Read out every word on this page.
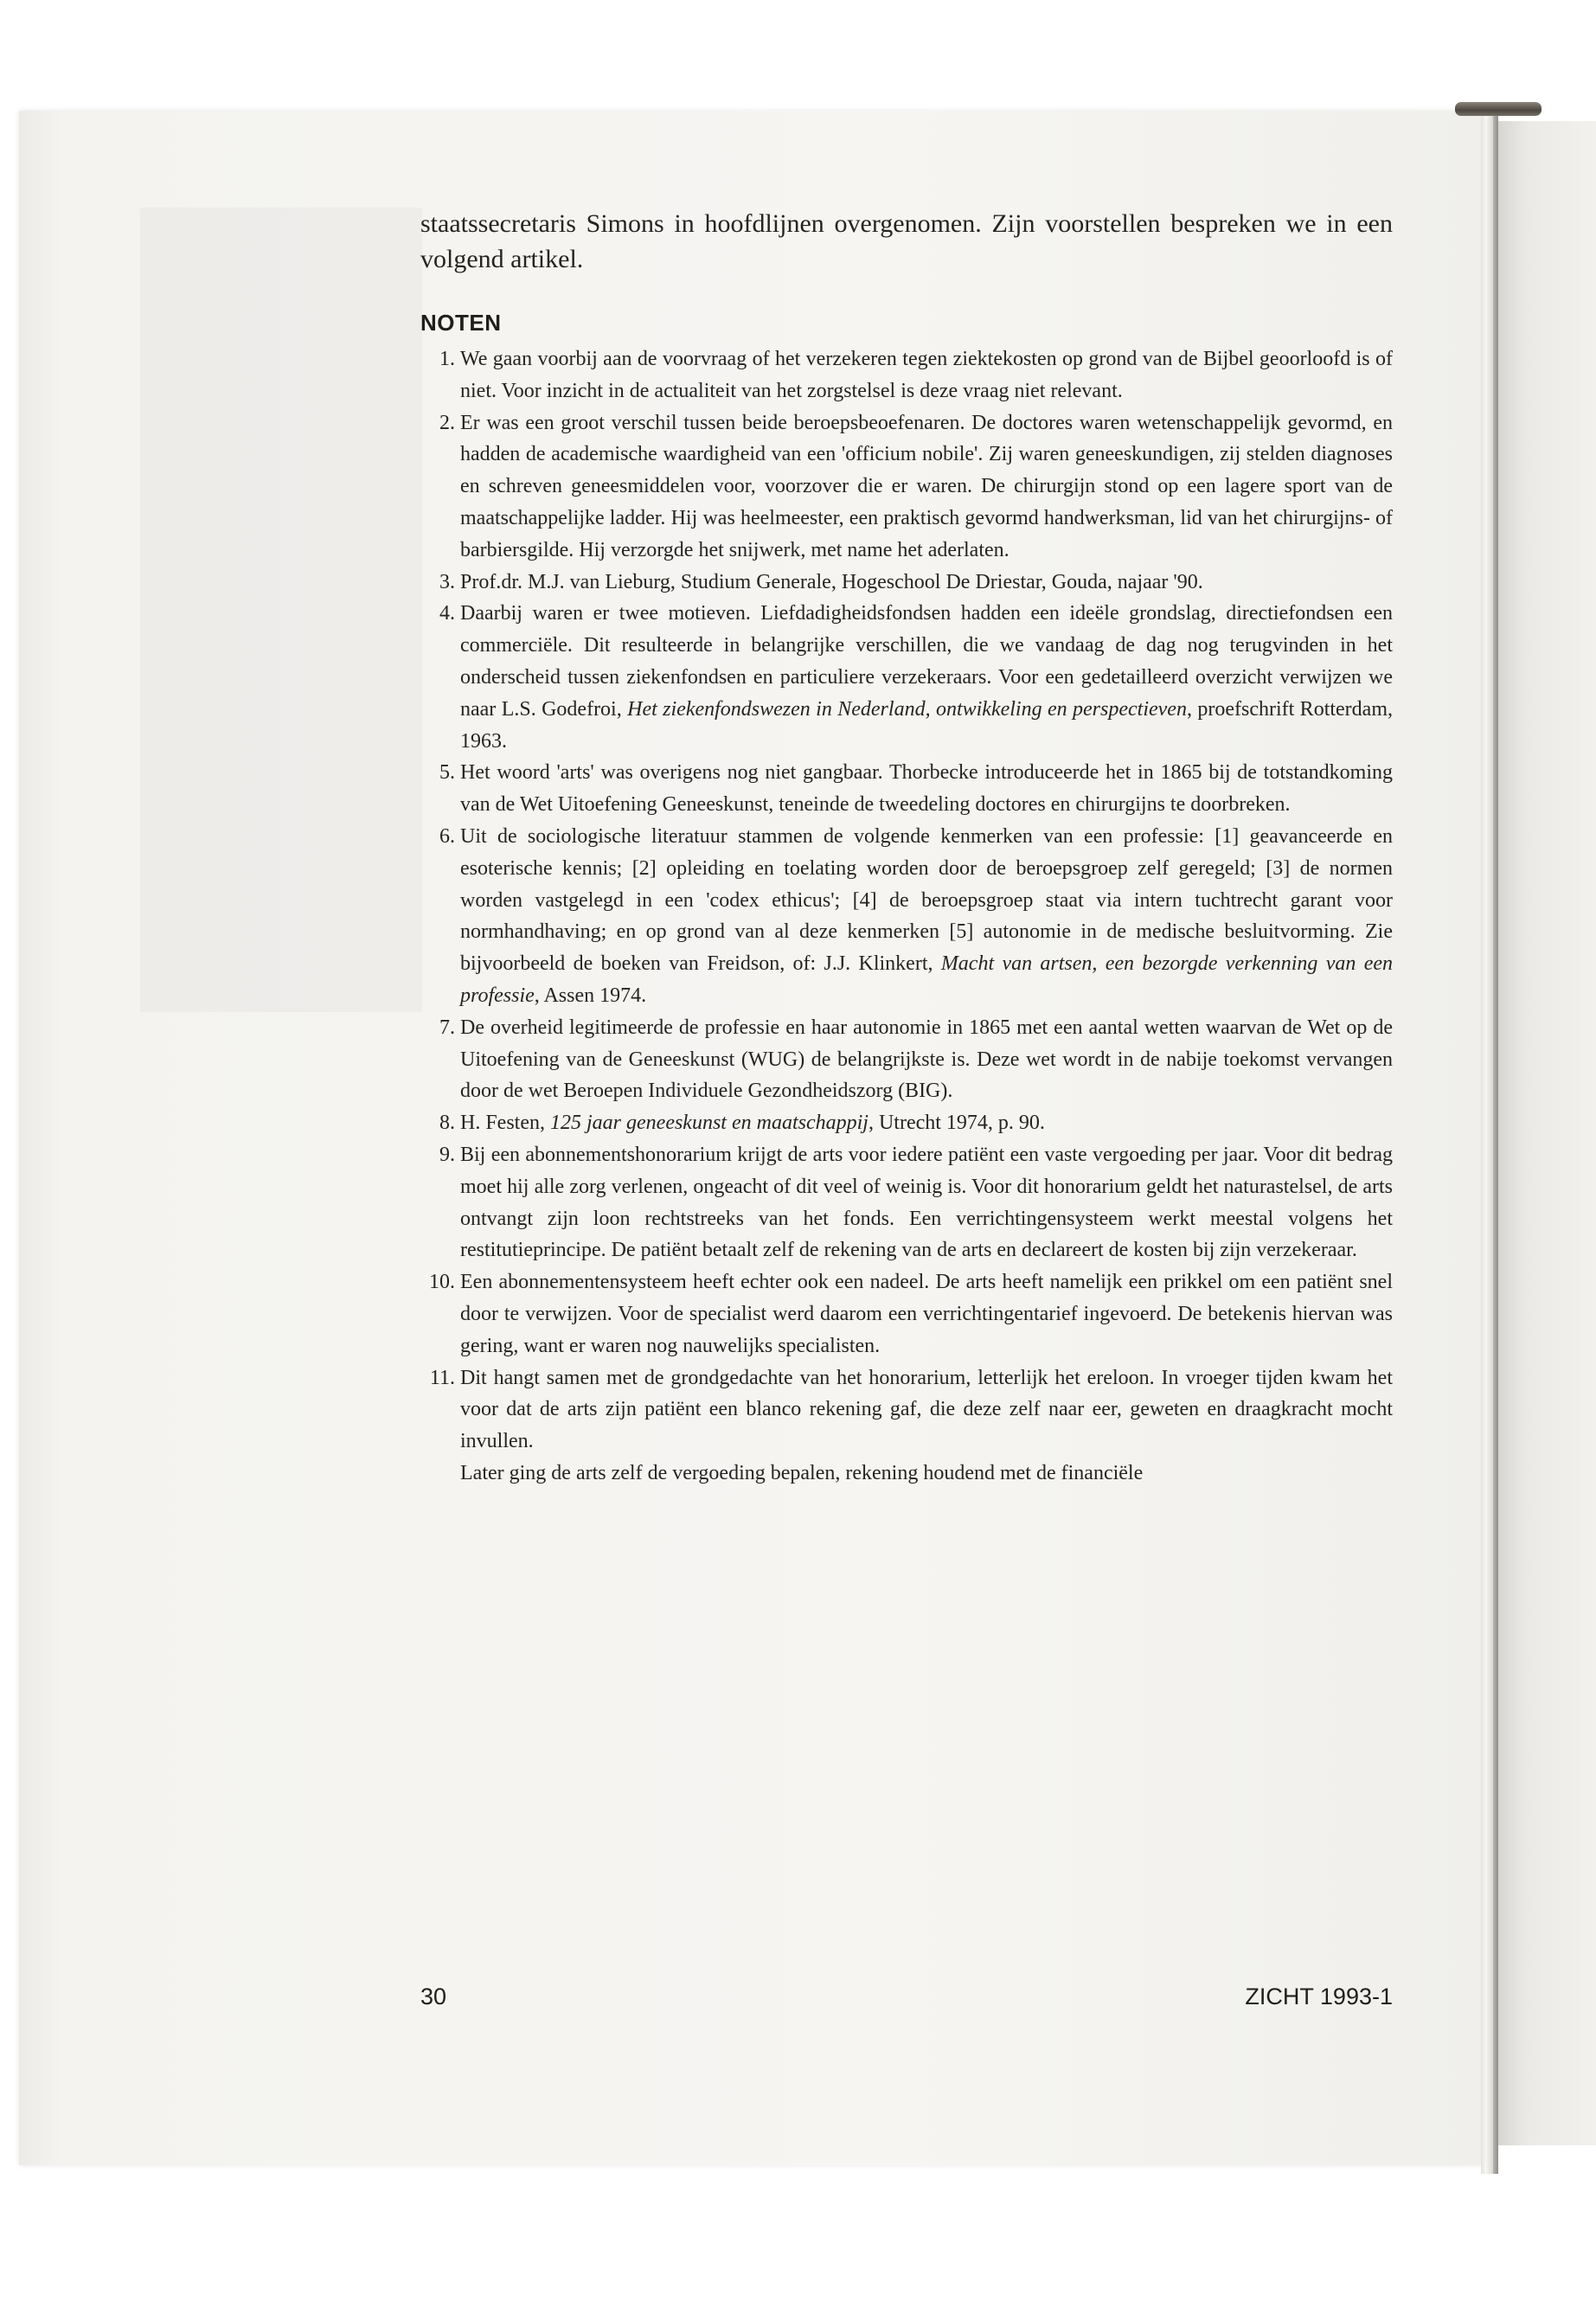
staatssecretaris Simons in hoofdlijnen overgenomen. Zijn voorstellen bespreken we in een volgend artikel.

NOTEN
1. We gaan voorbij aan de voorvraag of het verzekeren tegen ziektekosten op grond van de Bijbel geoorloofd is of niet. Voor inzicht in de actualiteit van het zorgstelsel is deze vraag niet relevant.
2. Er was een groot verschil tussen beide beroepsbeoefenaren. De doctores waren wetenschappelijk gevormd, en hadden de academische waardigheid van een 'officium nobile'. Zij waren geneeskundigen, zij stelden diagnoses en schreven geneesmiddelen voor, voorzover die er waren. De chirurgijn stond op een lagere sport van de maatschappelijke ladder. Hij was heelmeester, een praktisch gevormd handwerksman, lid van het chirurgijns- of barbiersgilde. Hij verzorgde het snijwerk, met name het aderlaten.
3. Prof.dr. M.J. van Lieburg, Studium Generale, Hogeschool De Driestar, Gouda, najaar '90.
4. Daarbij waren er twee motieven. Liefdadigheidsfondsen hadden een ideële grondslag, directiefondsen een commerciële. Dit resulteerde in belangrijke verschillen, die we vandaag de dag nog terugvinden in het onderscheid tussen ziekenfondsen en particuliere verzekeraars. Voor een gedetailleerd overzicht verwijzen we naar L.S. Godefroi, Het ziekenfondswezen in Nederland, ontwikkeling en perspectieven, proefschrift Rotterdam, 1963.
5. Het woord 'arts' was overigens nog niet gangbaar. Thorbecke introduceerde het in 1865 bij de totstandkoming van de Wet Uitoefening Geneeskunst, teneinde de tweedeling doctores en chirurgijns te doorbreken.
6. Uit de sociologische literatuur stammen de volgende kenmerken van een professie: [1] geavanceerde en esoterische kennis; [2] opleiding en toelating worden door de beroepsgroep zelf geregeld; [3] de normen worden vastgelegd in een 'codex ethicus'; [4] de beroepsgroep staat via intern tuchtrecht garant voor normhandhaving; en op grond van al deze kenmerken [5] autonomie in de medische besluitvorming. Zie bijvoorbeeld de boeken van Freidson, of: J.J. Klinkert, Macht van artsen, een bezorgde verkenning van een professie, Assen 1974.
7. De overheid legitimeerde de professie en haar autonomie in 1865 met een aantal wetten waarvan de Wet op de Uitoefening van de Geneeskunst (WUG) de belangrijkste is. Deze wet wordt in de nabije toekomst vervangen door de wet Beroepen Individuele Gezondheidszorg (BIG).
8. H. Festen, 125 jaar geneeskunst en maatschappij, Utrecht 1974, p. 90.
9. Bij een abonnementshonorarium krijgt de arts voor iedere patiënt een vaste vergoeding per jaar. Voor dit bedrag moet hij alle zorg verlenen, ongeacht of dit veel of weinig is. Voor dit honorarium geldt het naturastelsel, de arts ontvangt zijn loon rechtstreeks van het fonds. Een verrichtingensysteem werkt meestal volgens het restitutieprincipe. De patiënt betaalt zelf de rekening van de arts en declareert de kosten bij zijn verzekeraar.
10. Een abonnementensysteem heeft echter ook een nadeel. De arts heeft namelijk een prikkel om een patiënt snel door te verwijzen. Voor de specialist werd daarom een verrichtingentarief ingevoerd. De betekenis hiervan was gering, want er waren nog nauwelijks specialisten.
11. Dit hangt samen met de grondgedachte van het honorarium, letterlijk het ereloon. In vroeger tijden kwam het voor dat de arts zijn patiënt een blanco rekening gaf, die deze zelf naar eer, geweten en draagkracht mocht invullen.
Later ging de arts zelf de vergoeding bepalen, rekening houdend met de financiële
30	ZICHT 1993-1
